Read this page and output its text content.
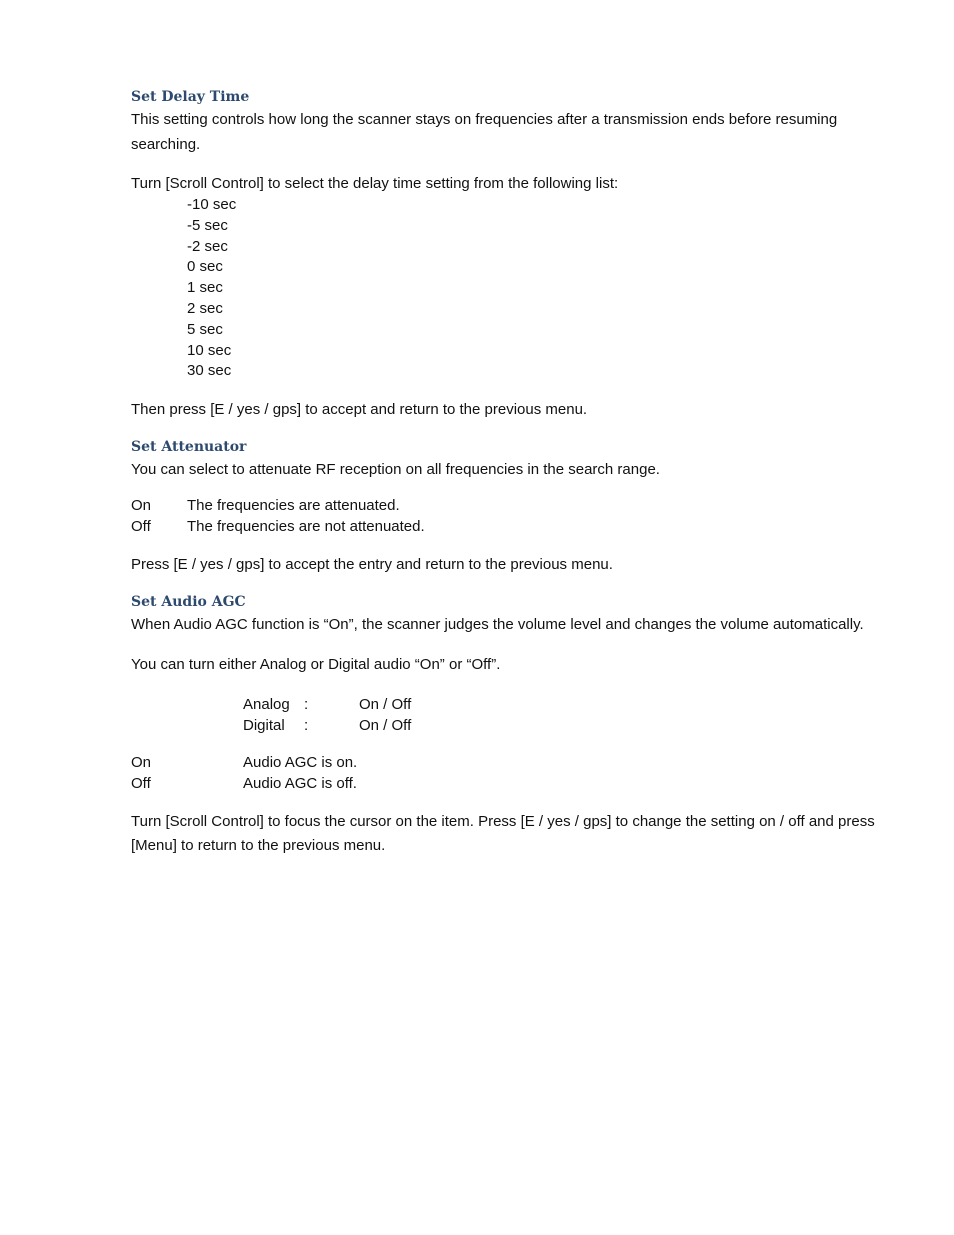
Set Delay Time

This setting controls how long the scanner stays on frequencies after a transmission ends before resuming searching.

Turn [Scroll Control] to select the delay time setting from the following list:

-10 sec
-5 sec
-2 sec
0 sec
1 sec
2 sec
5 sec
10 sec
30 sec

Then press [E / yes / gps] to accept and return to the previous menu.

Set Attenuator

You can select to attenuate RF reception on all frequencies in the search range.

On	The frequencies are attenuated.
Off	The frequencies are not attenuated.

Press [E / yes / gps] to accept the entry and return to the previous menu.

Set Audio AGC

When Audio AGC function is “On”, the scanner judges the volume level and changes the volume automatically.

You can turn either Analog or Digital audio “On” or “Off”.

Analog :	On / Off
Digital	:	On / Off
On	Audio AGC is on.
Off	Audio AGC is off.

Turn [Scroll Control] to focus the cursor on the item. Press [E / yes / gps] to change the setting on / off and press [Menu] to return to the previous menu.
